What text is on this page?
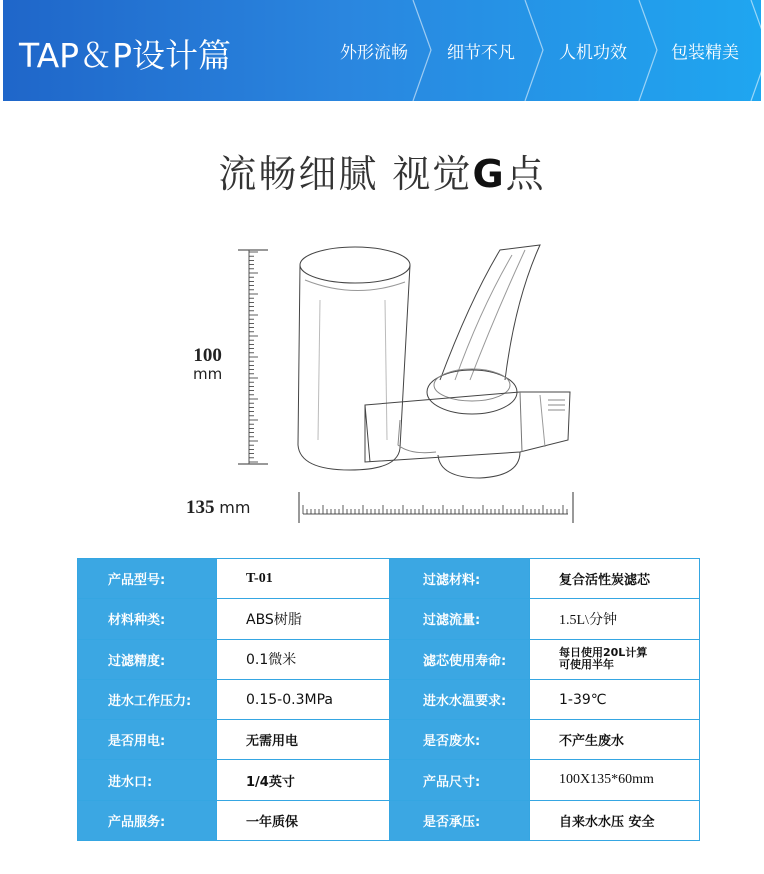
TAP＆P设计篇	外形流畅 细节不凡	人机功效	包装精美
流畅细腻 视觉G点
100
mm
135 mm
产品型号:	T-01	过滤材料:	复合活性炭滤芯
材料种类:	ABS树脂	过滤流量:	1.5L\分钟
过滤精度:	0.1微米	滤芯使用寿命:	每日使用20L计算
可使用半年

进水工作压力:	0.15-0.3MPa	进水水温要求:	1-39℃
是否用电:	无需用电	是否废水:	不产生废水
进水口:	1/4英寸	产品尺寸:	100X135*60mm
产品服务:	一年质保	是否承压:	自来水水压 安全
